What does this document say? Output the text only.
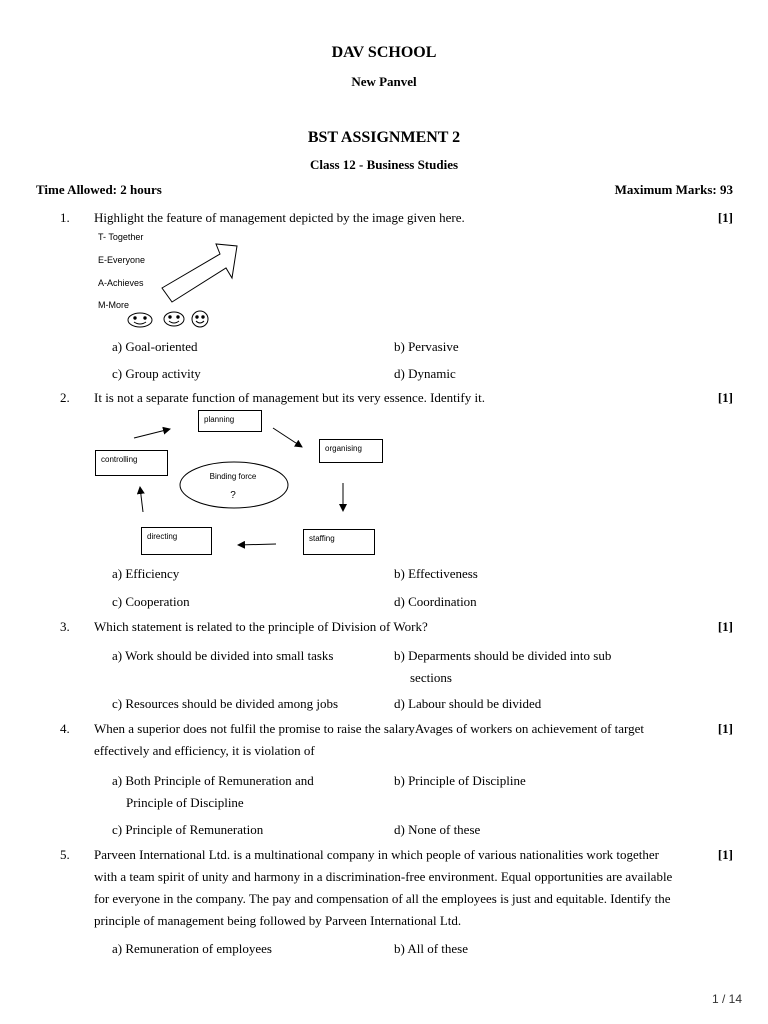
DAV SCHOOL
New Panvel
BST ASSIGNMENT 2
Class 12 - Business Studies
Time Allowed: 2 hours	Maximum Marks: 93
1. Highlight the feature of management depicted by the image given here.	[1]
T- Together
E-Everyone
A-Achieves
M-More
a) Goal-oriented	b) Pervasive
c) Group activity	d) Dynamic
2. It is not a separate function of management but its very essence. Identify it.	[1]
Binding force
?
planning
organising
staffing
directing
controlling
a) Efficiency	b) Effectiveness
c) Cooperation	d) Coordination
3. Which statement is related to the principle of Division of Work?	[1]
a) Work should be divided into small tasks	b) Deparments should be divided into sub
sections
c) Resources should be divided among jobs	d) Labour should be divided
4. When a superior does not fulfil the promise to raise the salaryAvages of workers on achievement of target
effectively and efficiency, it is violation of
[1]
a) Both Principle of Remuneration and
Principle of Discipline
b) Principle of Discipline
c) Principle of Remuneration	d) None of these
5. Parveen International Ltd. is a multinational company in which people of various nationalities work together
with a team spirit of unity and harmony in a discrimination-free environment. Equal opportunities are available
for everyone in the company. The pay and compensation of all the employees is just and equitable. Identify the
principle of management being followed by Parveen International Ltd.
[1]
a) Remuneration of employees	b) All of these
1 / 14
